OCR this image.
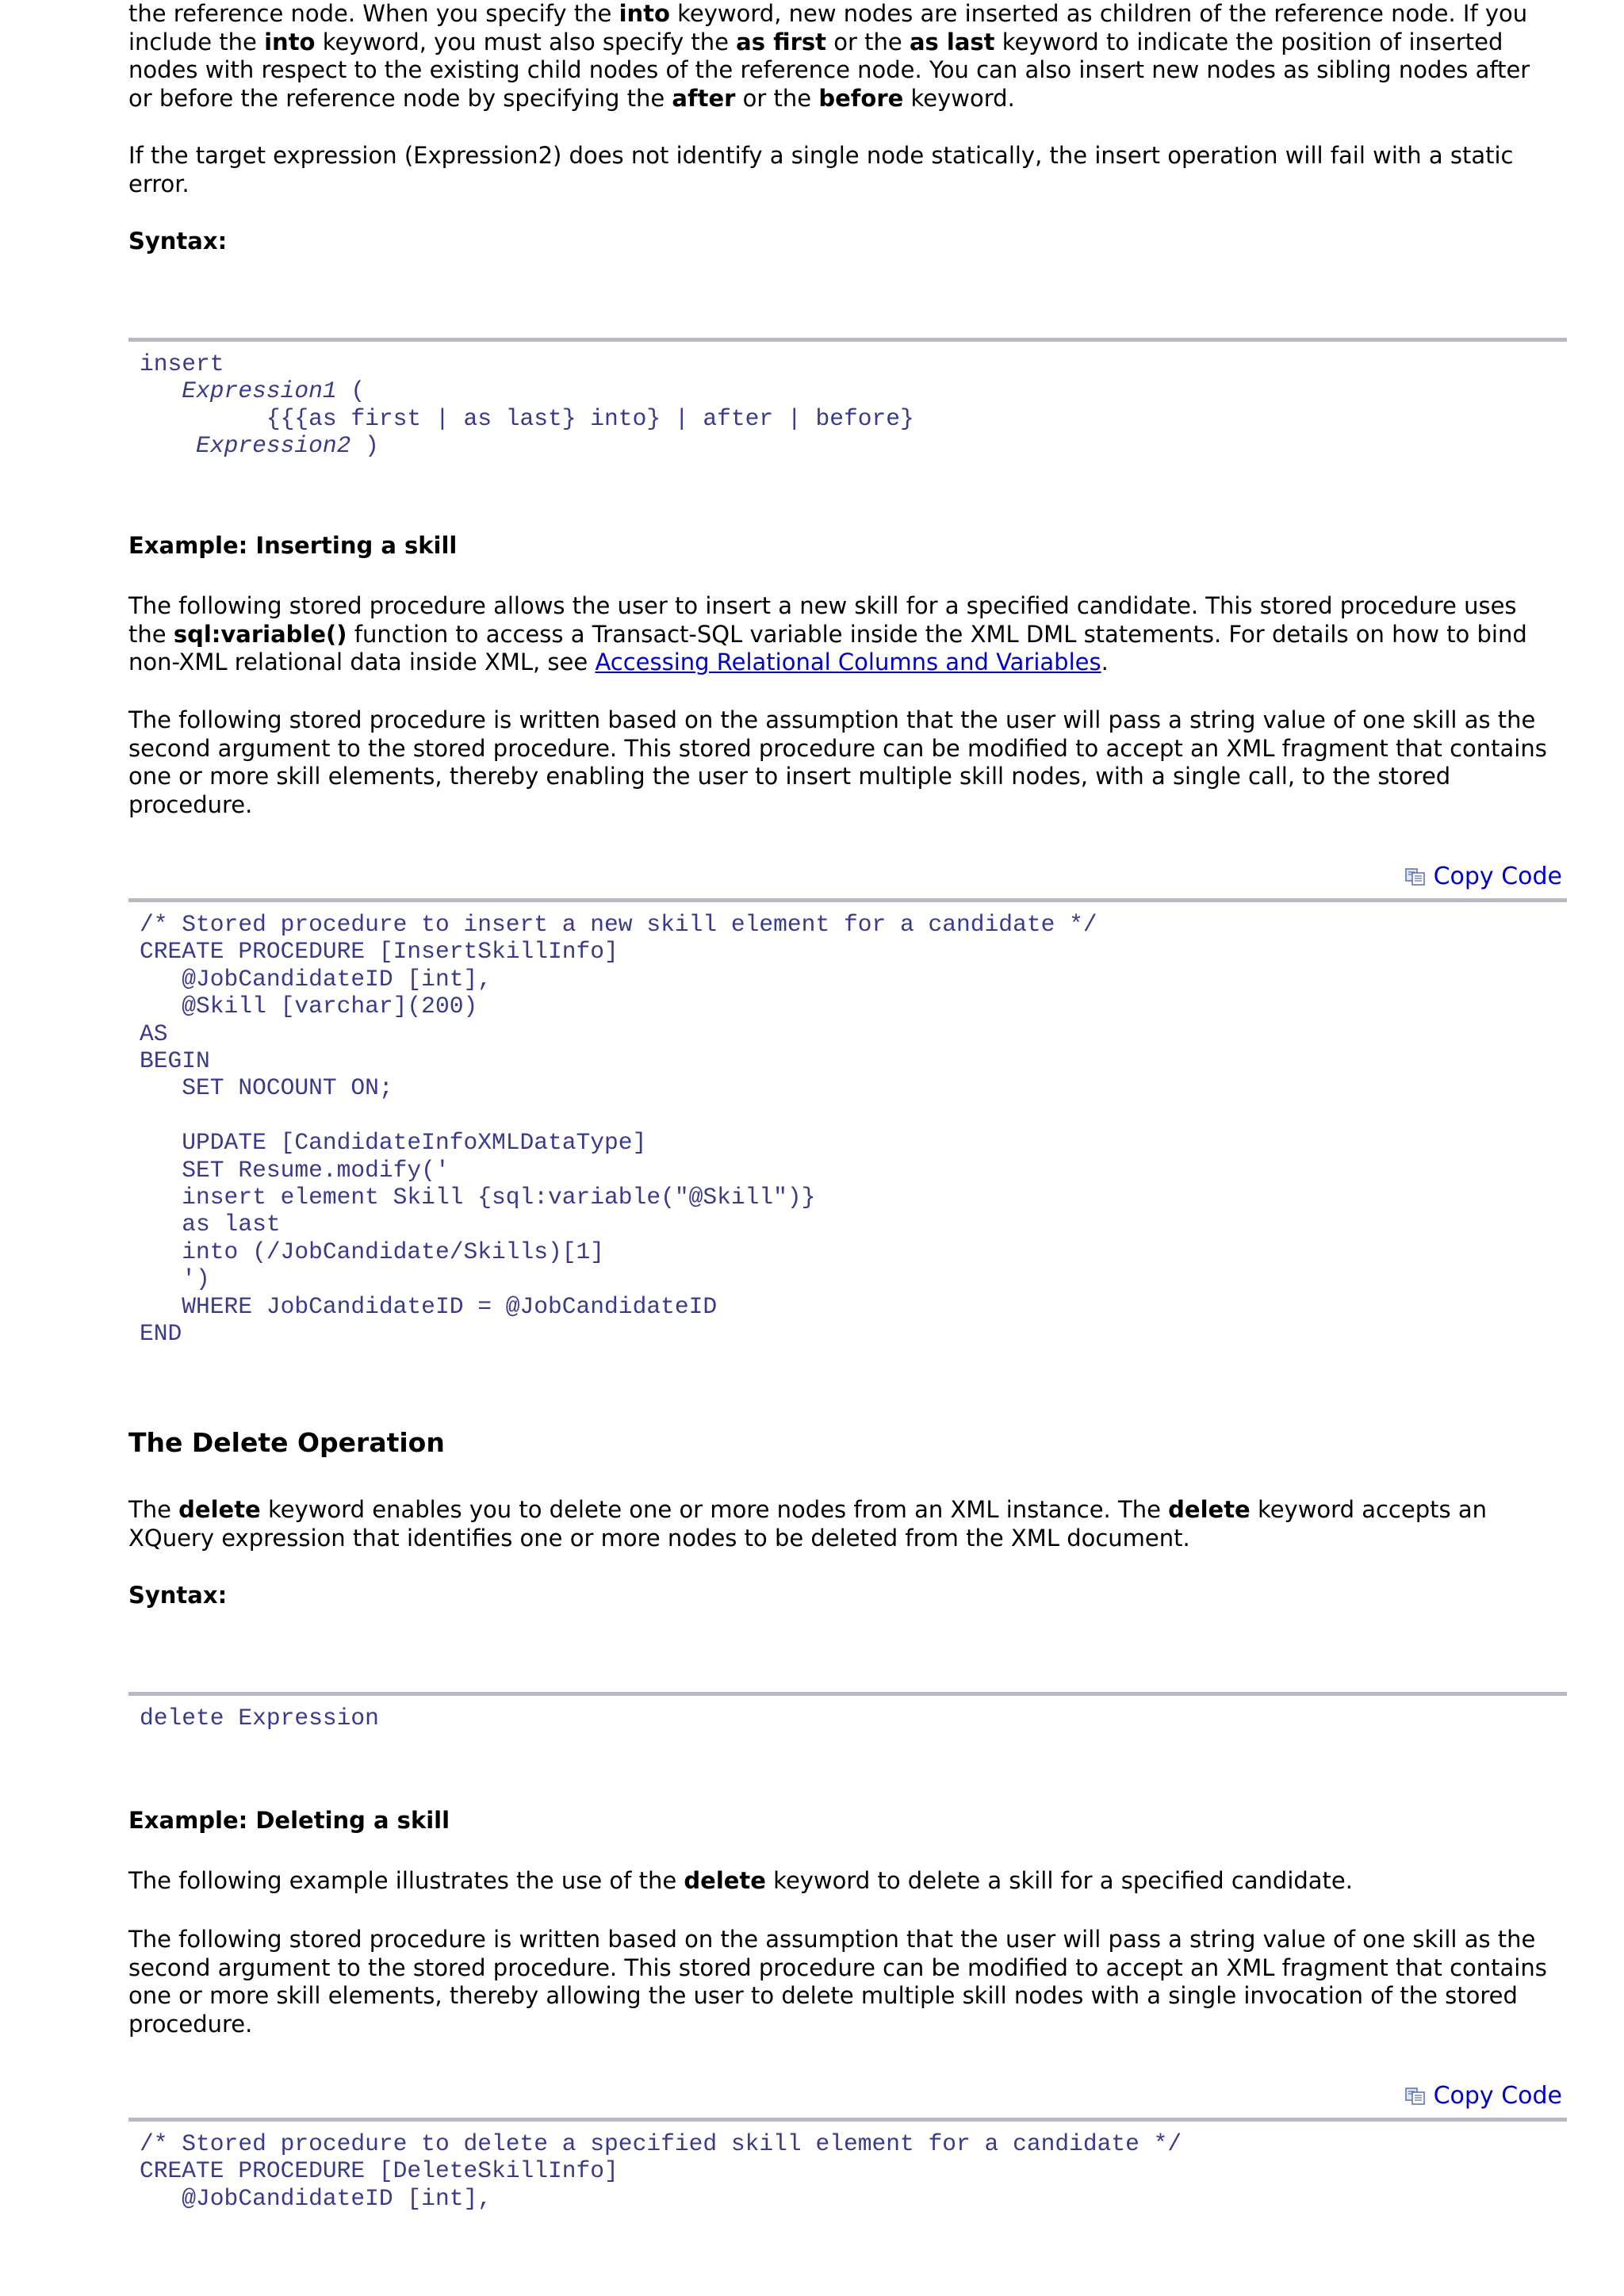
the reference node. When you specify the into keyword, new nodes are inserted as children of the reference node. If you
include the into keyword, you must also specify the as first or the as last keyword to indicate the position of inserted
nodes with respect to the existing child nodes of the reference node. You can also insert new nodes as sibling nodes after
or before the reference node by specifying the after or the before keyword.
If the target expression (Expression2) does not identify a single node statically, the insert operation will fail with a static
error.
Syntax:
insert
Expression1 (
{{{as first | as last} into} | after | before}
Expression2 )
Example: Inserting a skill
The following stored procedure allows the user to insert a new skill for a specified candidate. This stored procedure uses
the sql:variable() function to access a Transact-SQL variable inside the XML DML statements. For details on how to bind
non-XML relational data inside XML, see Accessing Relational Columns and Variables.
The following stored procedure is written based on the assumption that the user will pass a string value of one skill as the
second argument to the stored procedure. This stored procedure can be modified to accept an XML fragment that contains
one or more skill elements, thereby enabling the user to insert multiple skill nodes, with a single call, to the stored
procedure.
Copy Code
/* Stored procedure to insert a new skill element for a candidate */
CREATE PROCEDURE [InsertSkillInfo]
@JobCandidateID [int],
@Skill [varchar](200)
AS
BEGIN
SET NOCOUNT ON;

UPDATE [CandidateInfoXMLDataType]
SET Resume.modify('
insert element Skill {sql:variable("@Skill")}
as last
into (/JobCandidate/Skills)[1]
')
WHERE JobCandidateID = @JobCandidateID
END
The Delete Operation
The delete keyword enables you to delete one or more nodes from an XML instance. The delete keyword accepts an
XQuery expression that identifies one or more nodes to be deleted from the XML document.
Syntax:
delete Expression
Example: Deleting a skill
The following example illustrates the use of the delete keyword to delete a skill for a specified candidate.
The following stored procedure is written based on the assumption that the user will pass a string value of one skill as the
second argument to the stored procedure. This stored procedure can be modified to accept an XML fragment that contains
one or more skill elements, thereby allowing the user to delete multiple skill nodes with a single invocation of the stored
procedure.
Copy Code
/* Stored procedure to delete a specified skill element for a candidate */
CREATE PROCEDURE [DeleteSkillInfo]
@JobCandidateID [int],
